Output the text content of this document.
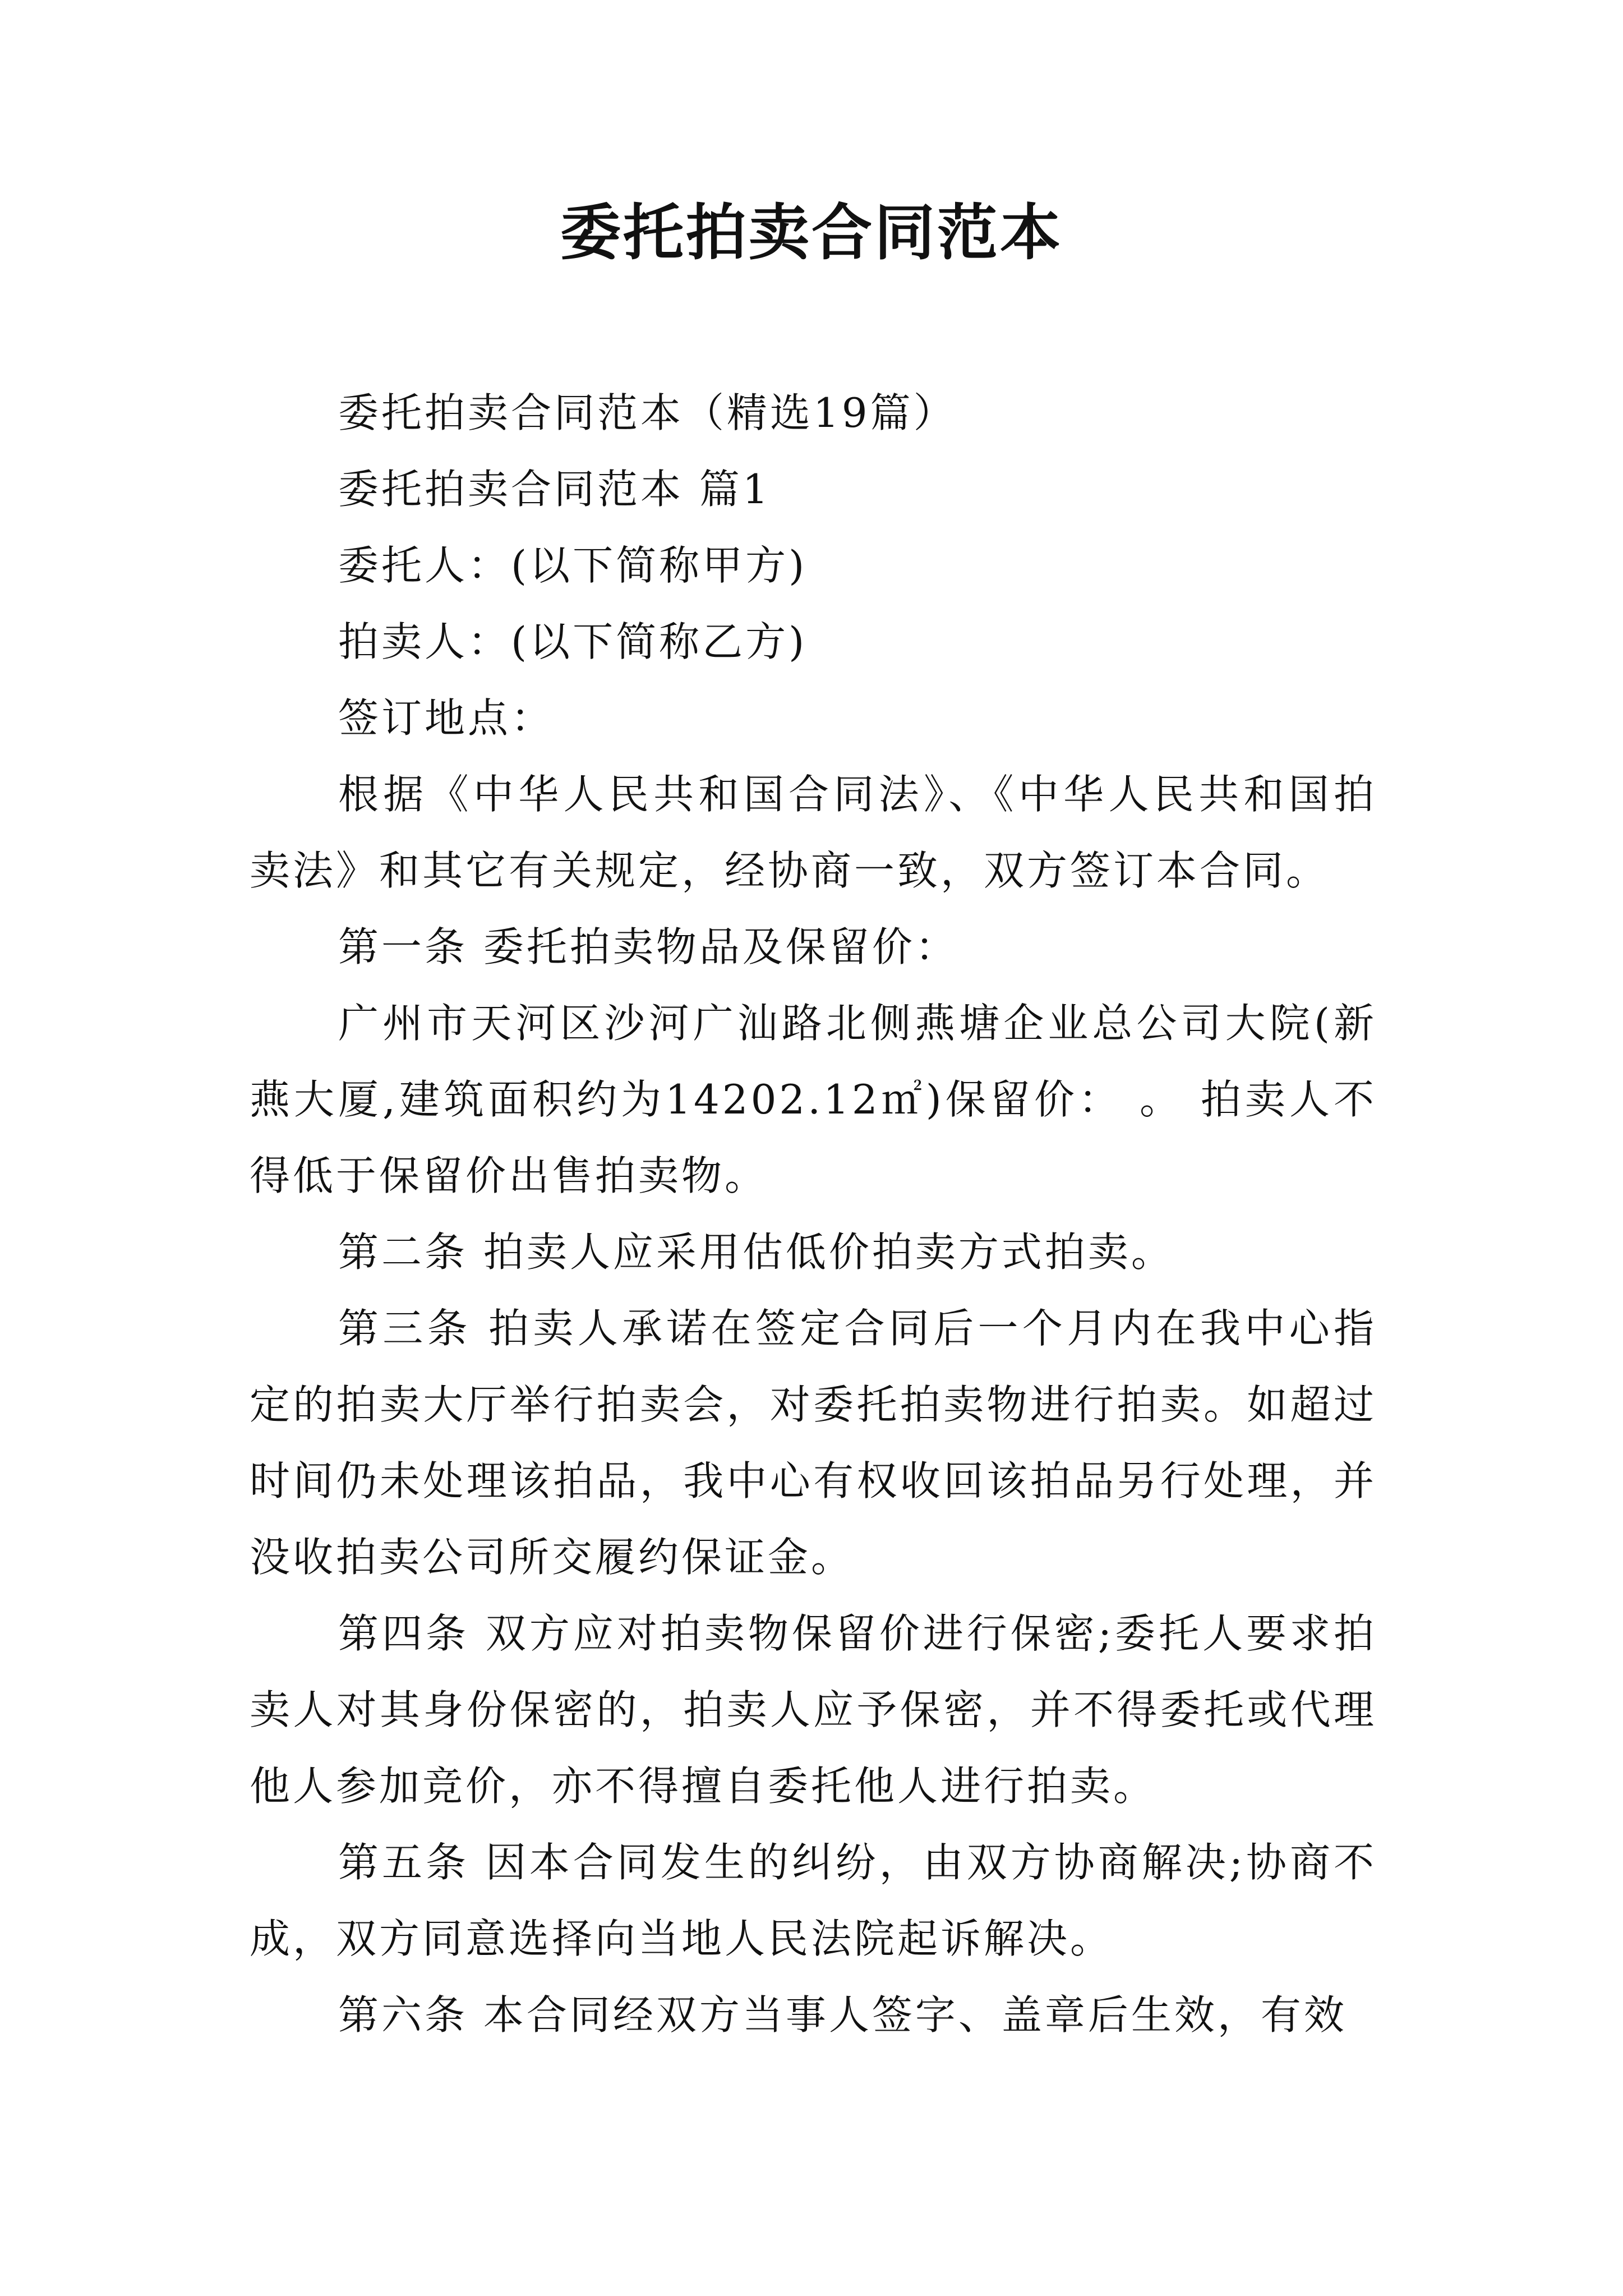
委托拍卖合同范本

委托拍卖合同范本（精选19篇）

委托拍卖合同范本 篇1

委托人：(以下简称甲方)

拍卖人：(以下简称乙方)

签订地点：

根据《中华人民共和国合同法》、《中华人民共和国拍卖法》和其它有关规定，经协商一致，双方签订本合同。

第一条 委托拍卖物品及保留价：

广州市天河区沙河广汕路北侧燕塘企业总公司大院(新燕大厦,建筑面积约为14202.12㎡)保留价： 。 拍卖人不得低于保留价出售拍卖物。

第二条 拍卖人应采用估低价拍卖方式拍卖。

第三条 拍卖人承诺在签定合同后一个月内在我中心指定的拍卖大厅举行拍卖会，对委托拍卖物进行拍卖。如超过时间仍未处理该拍品，我中心有权收回该拍品另行处理，并没收拍卖公司所交履约保证金。

第四条 双方应对拍卖物保留价进行保密;委托人要求拍卖人对其身份保密的，拍卖人应予保密，并不得委托或代理他人参加竞价，亦不得擅自委托他人进行拍卖。

第五条 因本合同发生的纠纷，由双方协商解决;协商不成，双方同意选择向当地人民法院起诉解决。

第六条 本合同经双方当事人签字、盖章后生效，有效
